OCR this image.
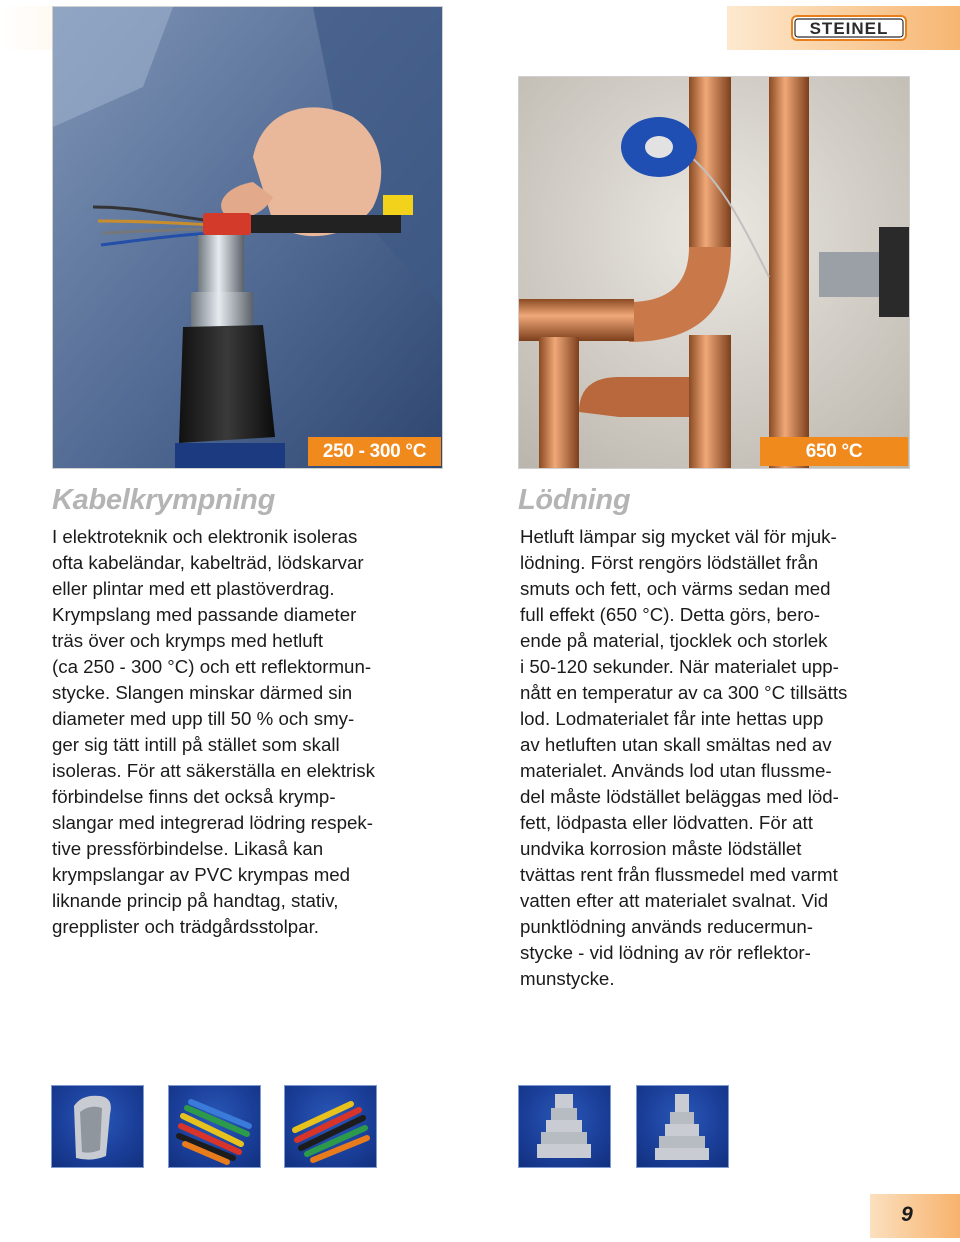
STEINEL
250 - 300 °C	650 °C
Kabelkrympning

I elektroteknik och elektronik isoleras
ofta kabeländar, kabelträd, lödskarvar
eller plintar med ett plastöverdrag.
Krympslang med passande diameter
träs över och krymps med hetluft
(ca 250 - 300 °C) och ett reflektormun-
stycke. Slangen minskar därmed sin
diameter med upp till 50 % och smy-
ger sig tätt intill på stället som skall
isoleras. För att säkerställa en elektrisk
förbindelse finns det också krymp-
slangar med integrerad lödring respek-
tive pressförbindelse. Likaså kan
krympslangar av PVC krympas med
liknande princip på handtag, stativ,
grepplister och trädgårdsstolpar.

Lödning

Hetluft lämpar sig mycket väl för mjuk-
lödning. Först rengörs lödstället från
smuts och fett, och värms sedan med
full effekt (650 °C). Detta görs, bero-
ende på material, tjocklek och storlek
i 50-120 sekunder. När materialet upp-
nått en temperatur av ca 300 °C tillsätts
lod. Lodmaterialet får inte hettas upp
av hetluften utan skall smältas ned av
materialet. Används lod utan flussme-
del måste lödstället beläggas med löd-
fett, lödpasta eller lödvatten. För att
undvika korrosion måste lödstället
tvättas rent från flussmedel med varmt
vatten efter att materialet svalnat. Vid
punktlödning används reducermun-
stycke - vid lödning av rör reflektor-
munstycke.

9
